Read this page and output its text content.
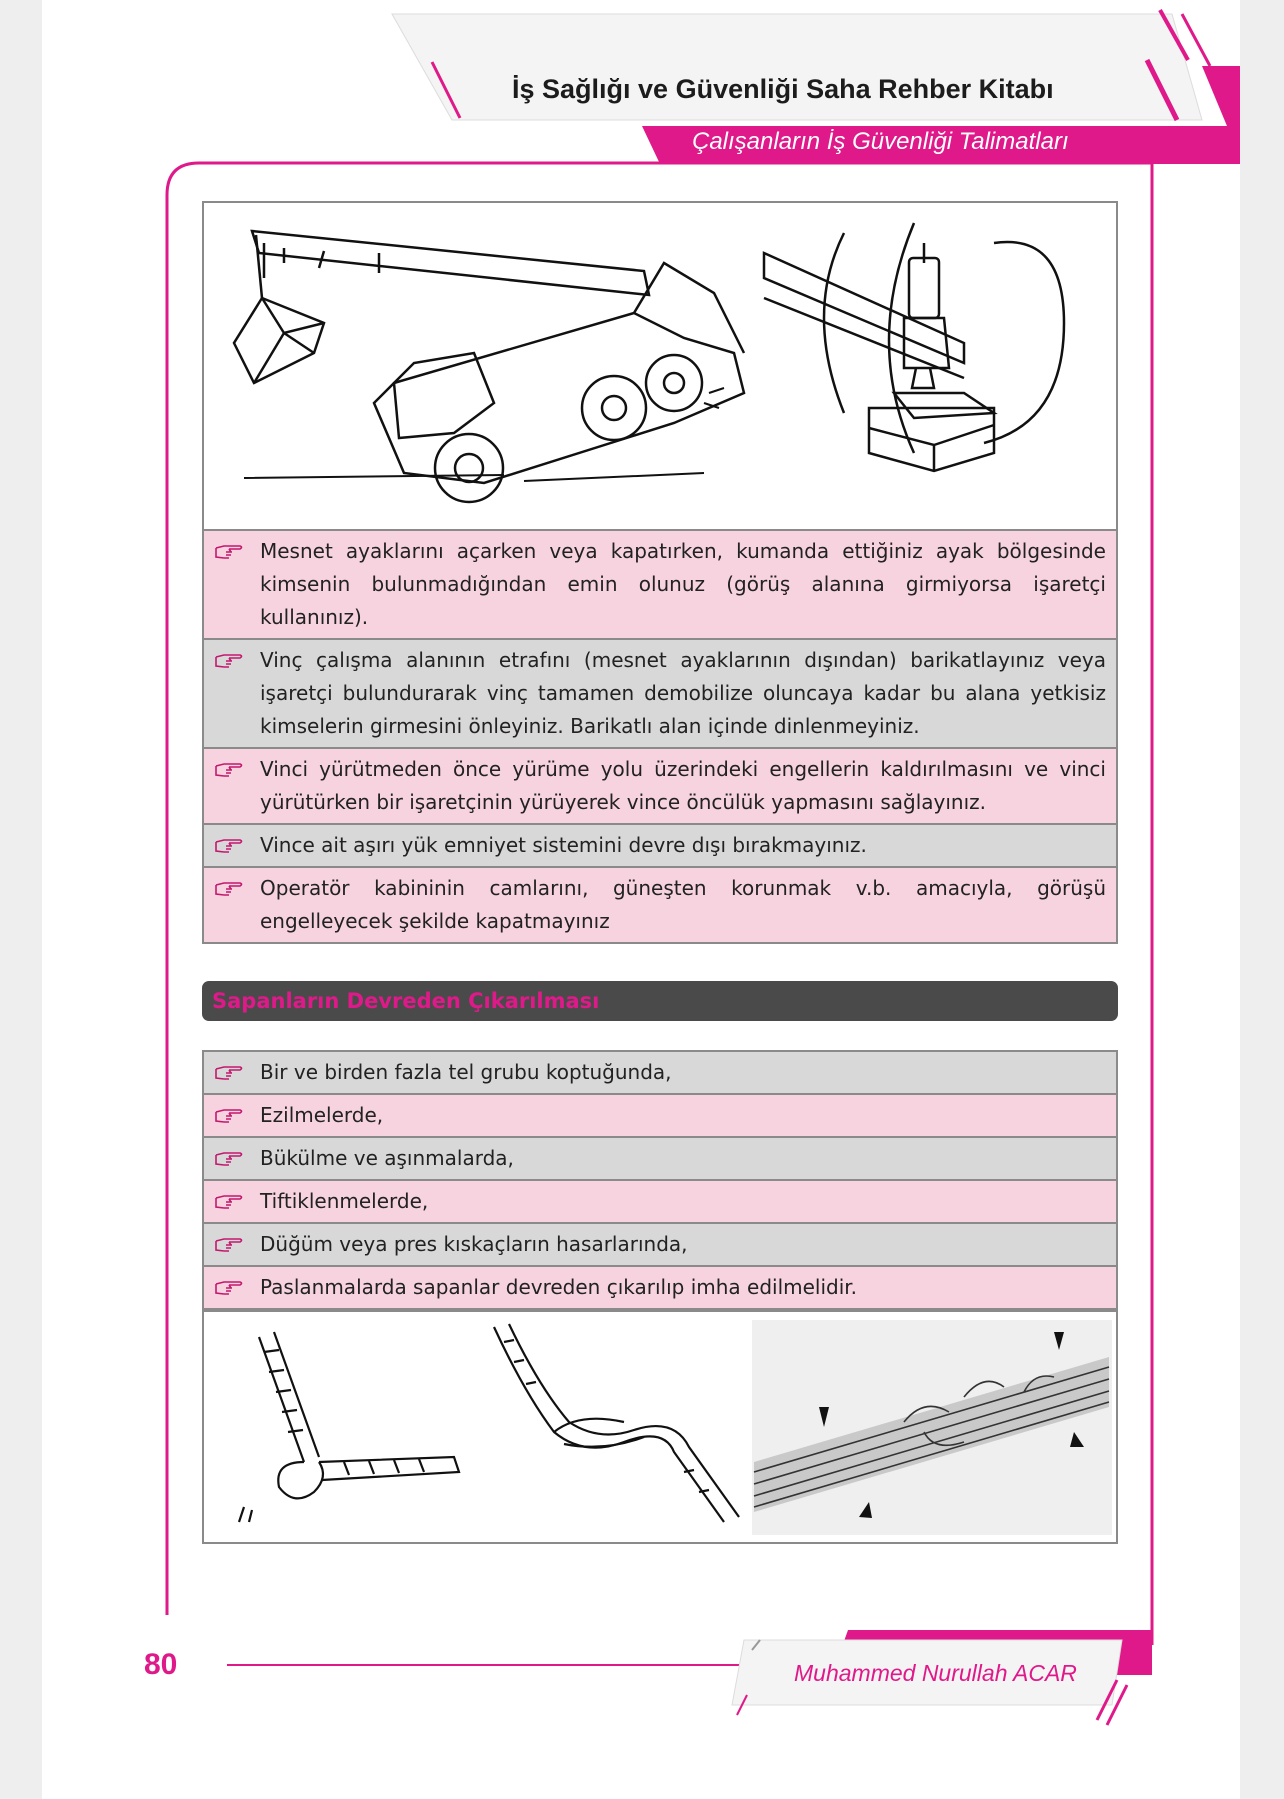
İş Sağlığı ve Güvenliği Saha Rehber Kitabı
Çalışanların İş Güvenliği Talimatları
Mesnet ayaklarını açarken veya kapatırken, kumanda ettiğiniz ayak bölgesinde kimsenin bulunmadığından emin olunuz (görüş alanına girmiyorsa işaretçi kullanınız).
Vinç çalışma alanının etrafını (mesnet ayaklarının dışından) barikatlayınız veya işaretçi bulundurarak vinç tamamen demobilize oluncaya kadar bu alana yetkisiz kimselerin girmesini önleyiniz. Barikatlı alan içinde dinlenmeyiniz.
Vinci yürütmeden önce yürüme yolu üzerindeki engellerin kaldırılmasını ve vinci yürütürken bir işaretçinin yürüyerek vince öncülük yapmasını sağlayınız.
Vince ait aşırı yük emniyet sistemini devre dışı bırakmayınız.
Operatör kabininin camlarını, güneşten korunmak v.b. amacıyla, görüşü engelleyecek şekilde kapatmayınız
Sapanların Devreden Çıkarılması
Bir ve birden fazla tel grubu koptuğunda,
Ezilmelerde,
Bükülme ve aşınmalarda,
Tiftiklenmelerde,
Düğüm veya pres kıskaçların hasarlarında,
Paslanmalarda sapanlar devreden çıkarılıp imha edilmelidir.
80	Muhammed Nurullah ACAR
